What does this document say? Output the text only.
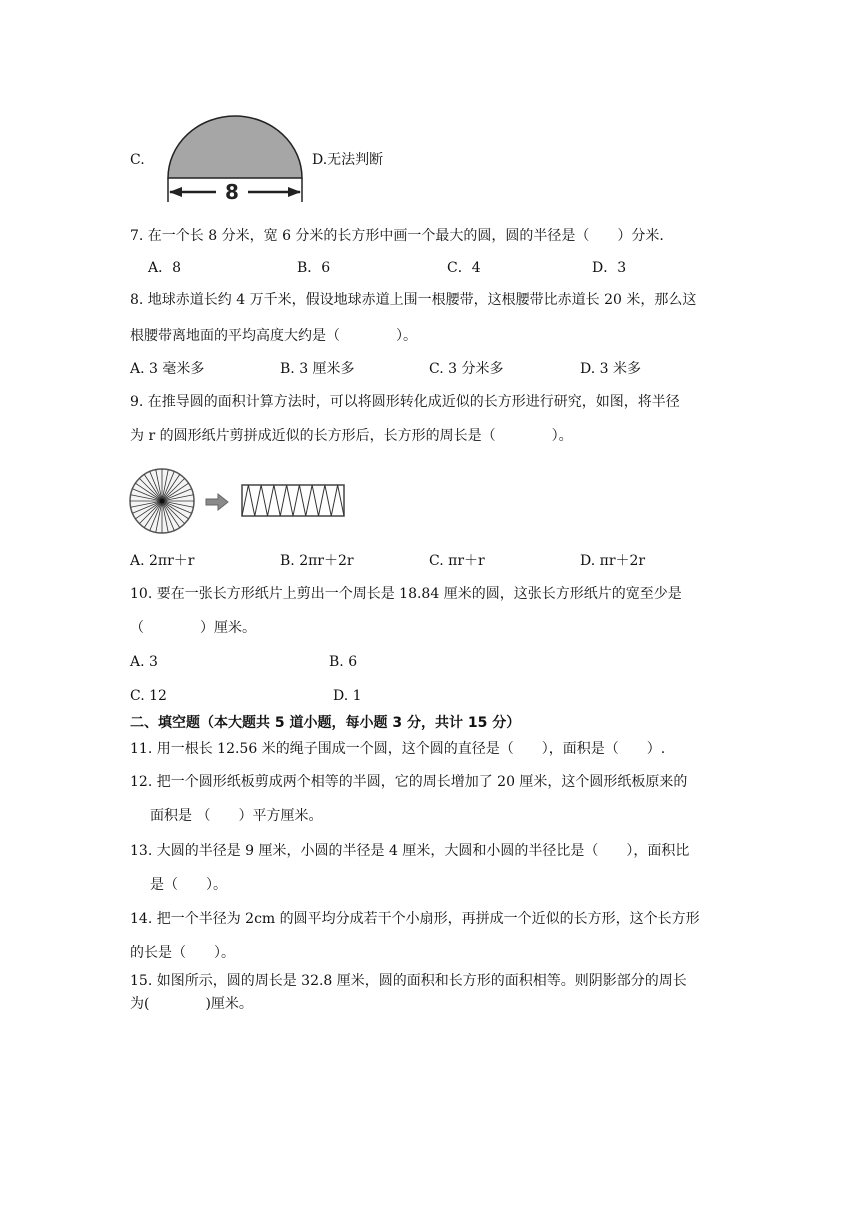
C.
8
D.无法判断
7. 在一个长 8 分米，宽 6 分米的长方形中画一个最大的圆，圆的半径是（　　）分米.
A．8	B．6	C．4	D．3
8. 地球赤道长约 4 万千米，假设地球赤道上围一根腰带，这根腰带比赤道长 20 米，那么这
根腰带离地面的平均高度大约是（　　　　）。
A. 3 毫米多	B. 3 厘米多	C. 3 分米多	D. 3 米多
9. 在推导圆的面积计算方法时，可以将圆形转化成近似的长方形进行研究，如图，将半径
为 r 的圆形纸片剪拼成近似的长方形后，长方形的周长是（　　　　）。
A. 2πr＋r	B. 2πr＋2r	C. πr＋r	D. πr＋2r
10. 要在一张长方形纸片上剪出一个周长是 18.84 厘米的圆，这张长方形纸片的宽至少是
（　　　　）厘米。
A. 3	B. 6
C. 12	D. 1
二、填空题（本大题共 5 道小题，每小题 3 分，共计 15 分）
11. 用一根长 12.56 米的绳子围成一个圆，这个圆的直径是（　　），面积是（　　）.
12. 把一个圆形纸板剪成两个相等的半圆，它的周长增加了 20 厘米，这个圆形纸板原来的
面积是 （　　）平方厘米。
13. 大圆的半径是 9 厘米，小圆的半径是 4 厘米，大圆和小圆的半径比是（　　），面积比
是（　　）。
14. 把一个半径为 2cm 的圆平均分成若干个小扇形，再拼成一个近似的长方形，这个长方形
的长是（　　）。
15. 如图所示，圆的周长是 32.8 厘米，圆的面积和长方形的面积相等。则阴影部分的周长
为(　　　　)厘米。
